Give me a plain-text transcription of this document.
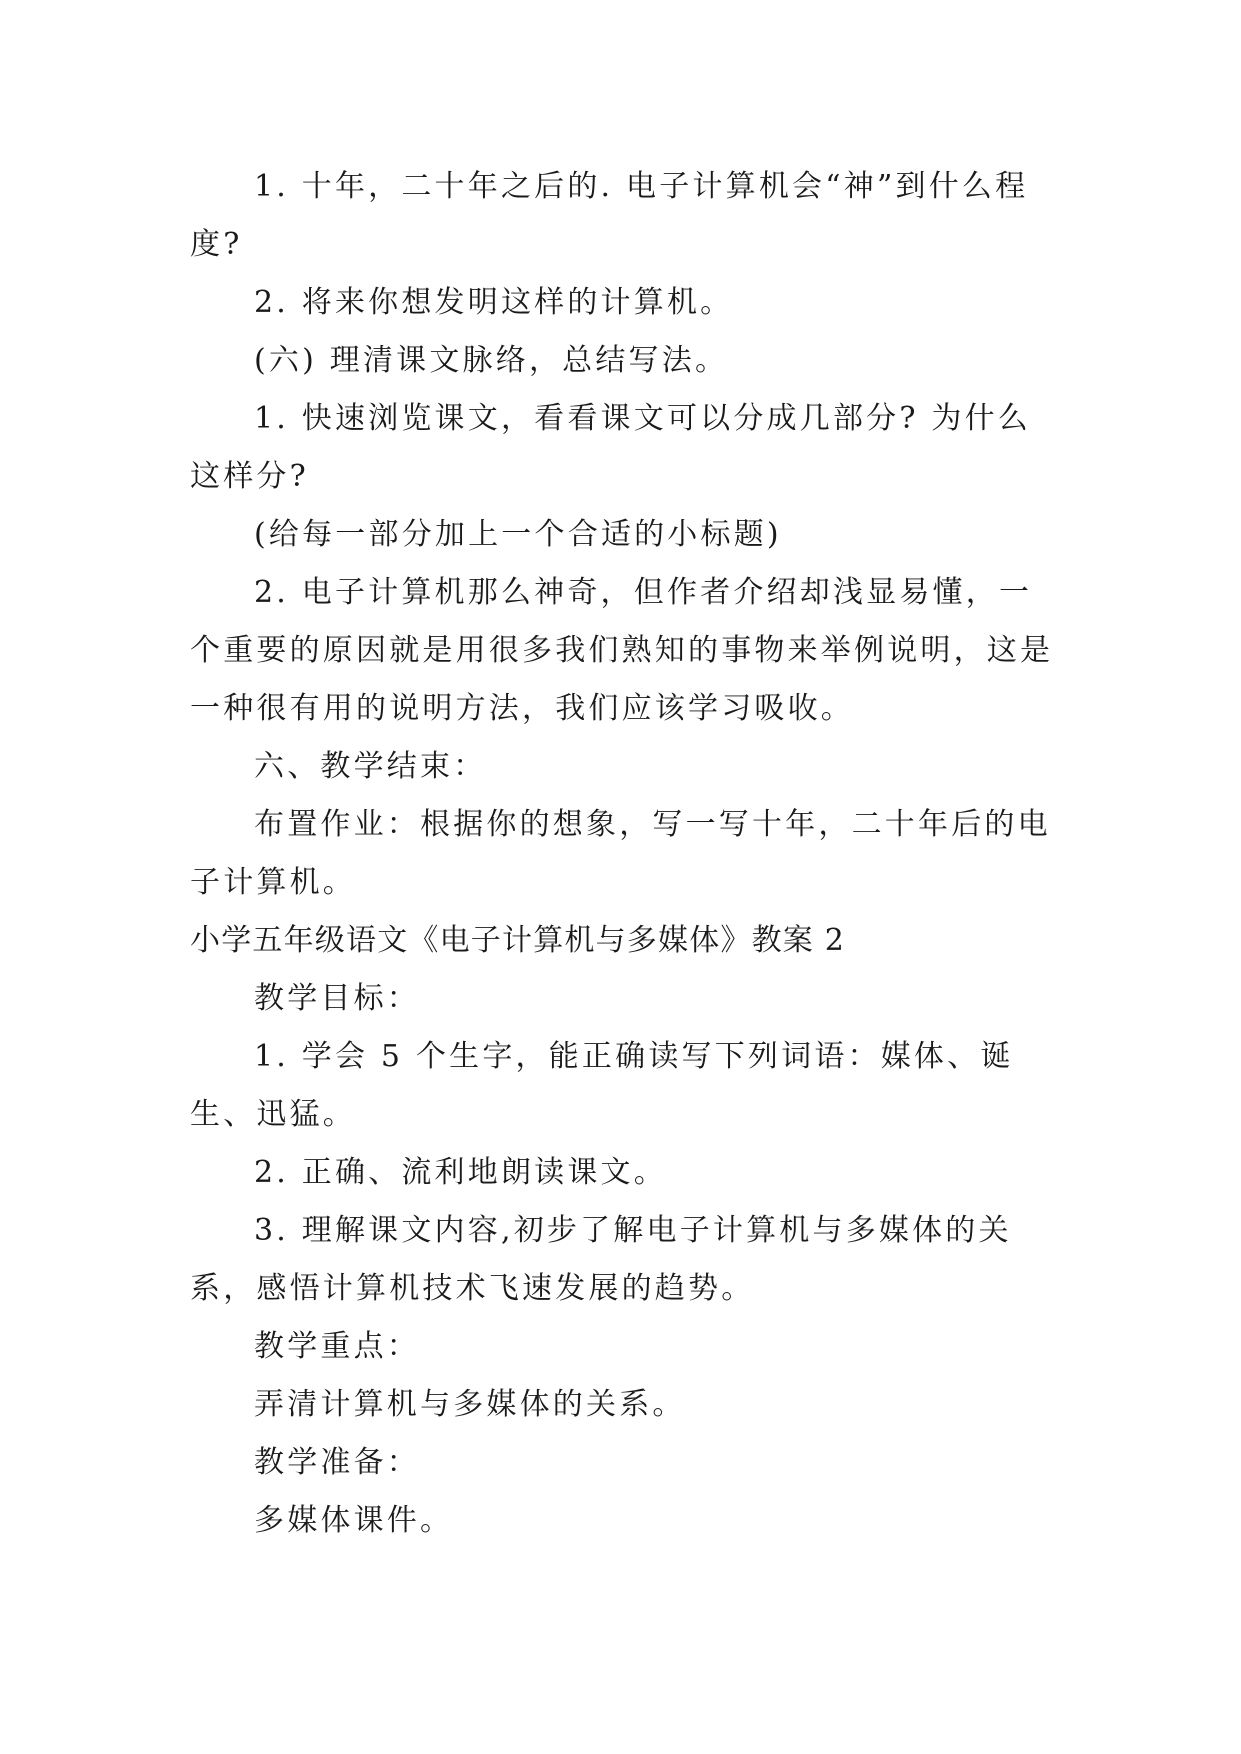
1. 十年，二十年之后的. 电子计算机会“神”到什么程度?

2. 将来你想发明这样的计算机。

(六) 理清课文脉络，总结写法。

1. 快速浏览课文，看看课文可以分成几部分? 为什么这样分?

(给每一部分加上一个合适的小标题)

2. 电子计算机那么神奇，但作者介绍却浅显易懂，一个重要的原因就是用很多我们熟知的事物来举例说明，这是一种很有用的说明方法，我们应该学习吸收。

六、教学结束：

布置作业：根据你的想象，写一写十年，二十年后的电子计算机。

小学五年级语文《电子计算机与多媒体》教案 2

教学目标：

1. 学会 5 个生字，能正确读写下列词语：媒体、诞生、迅猛。

2. 正确、流利地朗读课文。

3. 理解课文内容,初步了解电子计算机与多媒体的关系，感悟计算机技术飞速发展的趋势。

教学重点：

弄清计算机与多媒体的关系。

教学准备：

多媒体课件。
